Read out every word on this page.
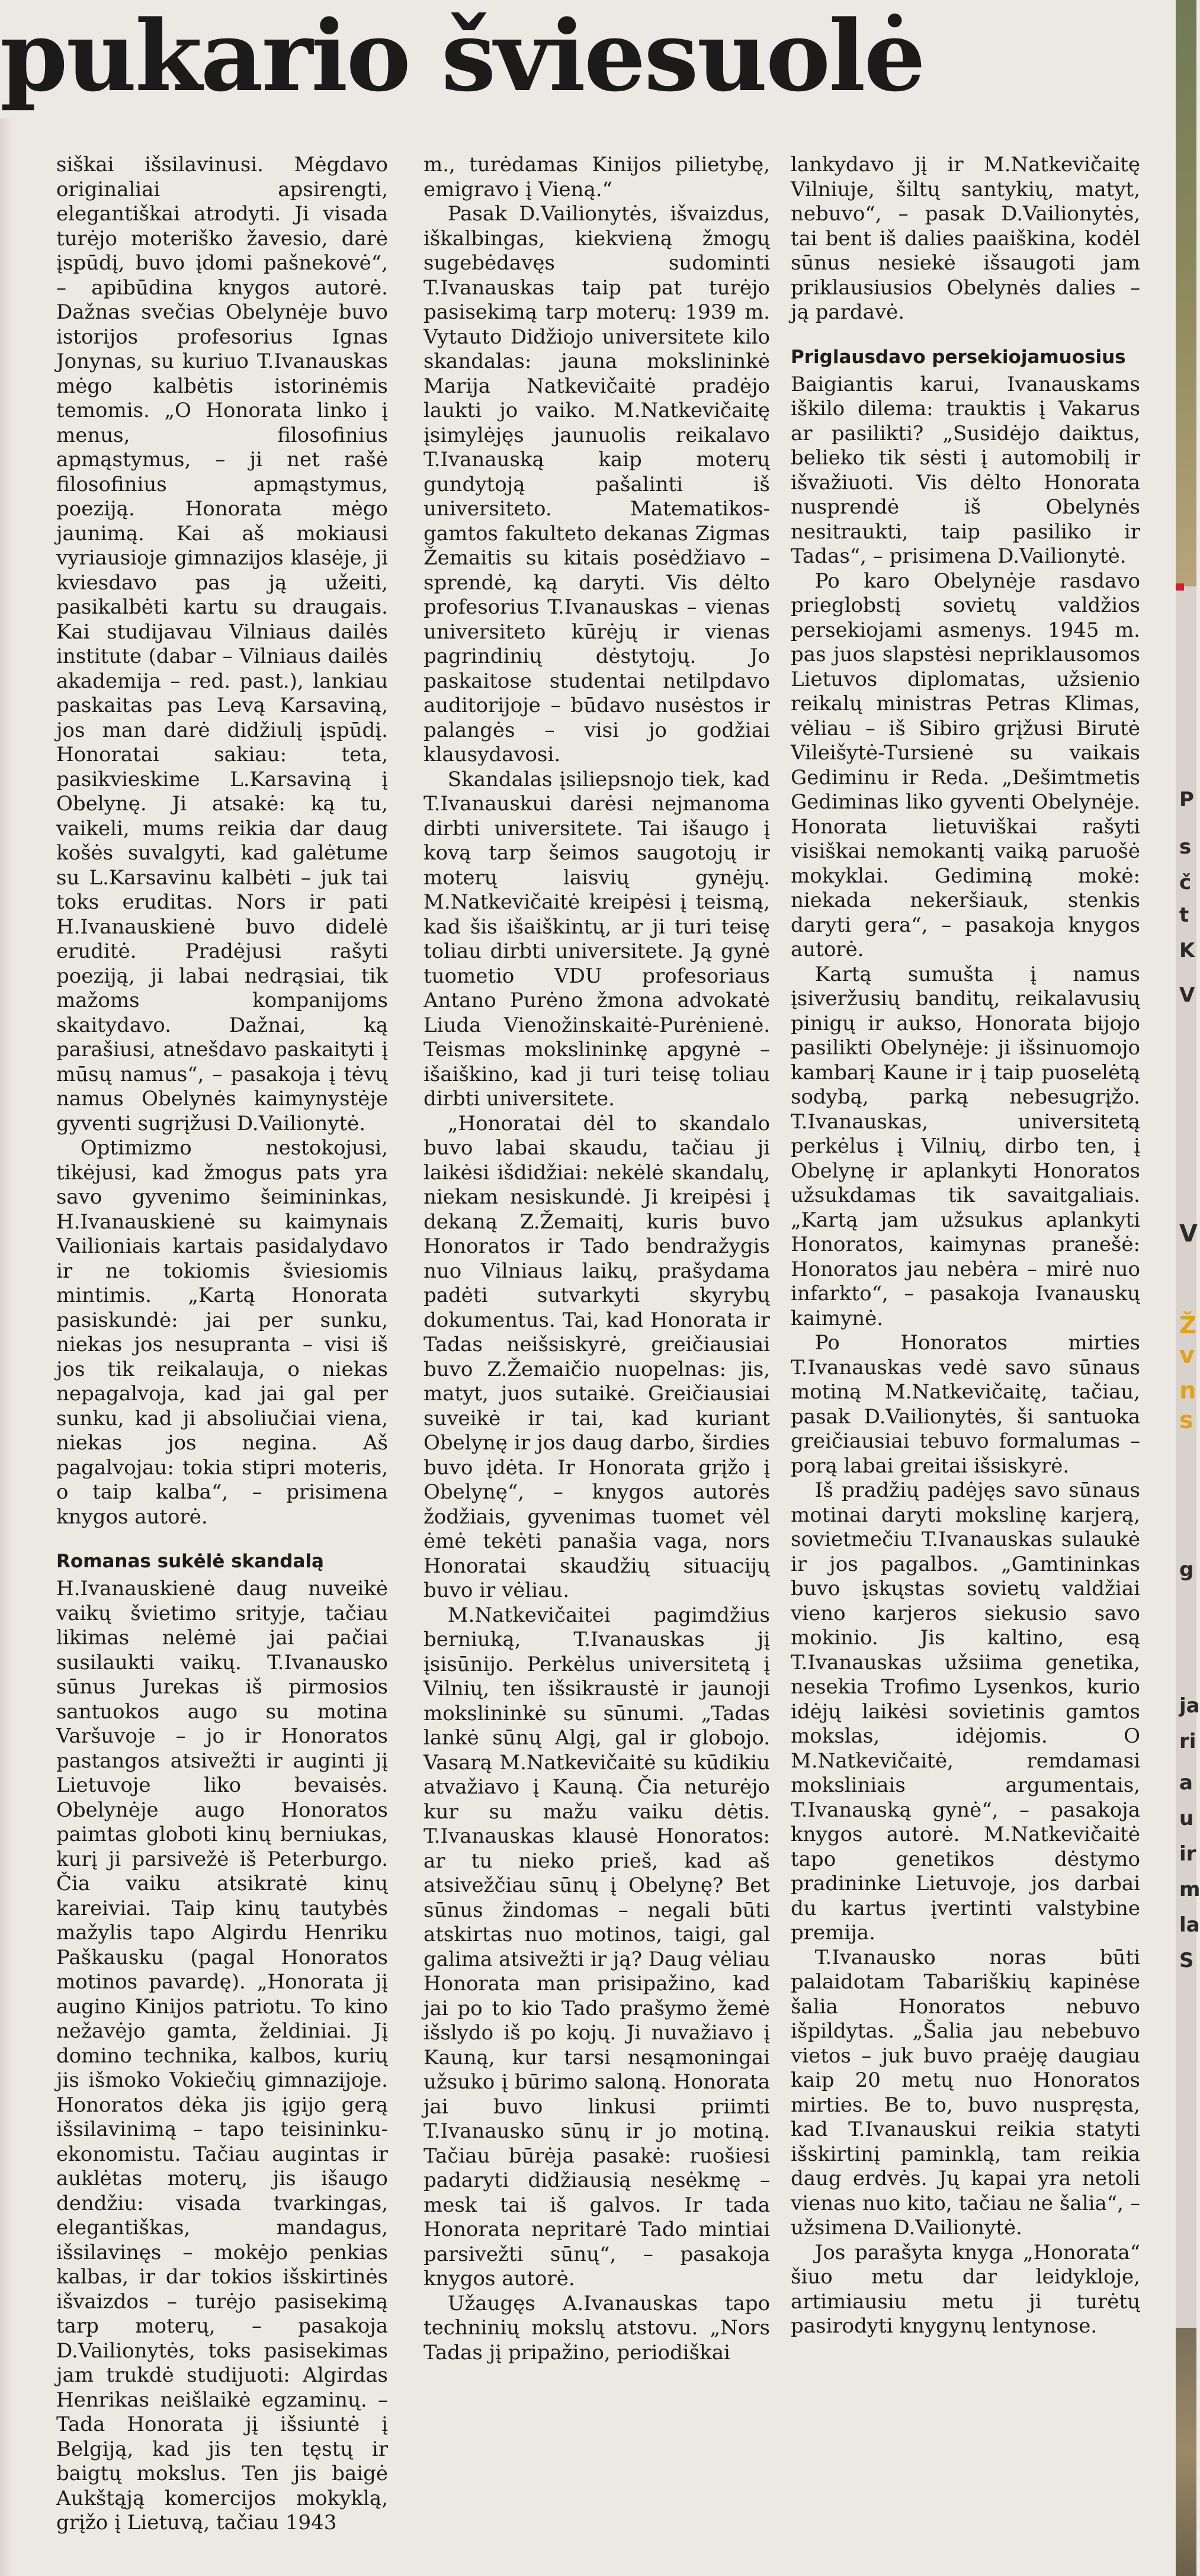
pukario šviesuolė

siškai išsilavinusi. Mėgdavo originaliai apsirengti, elegantiškai atrodyti. Ji visada turėjo moteriško žavesio, darė įspūdį, buvo įdomi pašnekovė“, – apibūdina knygos autorė. Dažnas svečias Obelynėje buvo istorijos profesorius Ignas Jonynas, su kuriuo T.Ivanauskas mėgo kalbėtis istorinėmis temomis. „O Honorata linko į menus, filosofinius apmąstymus, – ji net rašė filosofinius apmąstymus, poeziją. Honorata mėgo jaunimą. Kai aš mokiausi vyriausioje gimnazijos klasėje, ji kviesdavo pas ją užeiti, pasikalbėti kartu su draugais. Kai studijavau Vilniaus dailės institute (dabar – Vilniaus dailės akademija – red. past.), lankiau paskaitas pas Levą Karsaviną, jos man darė didžiulį įspūdį. Honoratai sakiau: teta, pasikvieskime L.Karsaviną į Obelynę. Ji atsakė: ką tu, vaikeli, mums reikia dar daug košės suvalgyti, kad galėtume su L.Karsavinu kalbėti – juk tai toks eruditas. Nors ir pati H.Ivanauskienė buvo didelė eruditė. Pradėjusi rašyti poeziją, ji labai nedrąsiai, tik mažoms kompanijoms skaitydavo. Dažnai, ką parašiusi, atnešdavo paskaityti į mūsų namus“, – pasakoja į tėvų namus Obelynės kaimynystėje gyventi sugrįžusi D.Vailionytė.

Optimizmo nestokojusi, tikėjusi, kad žmogus pats yra savo gyvenimo šeimininkas, H.Ivanauskienė su kaimynais Vailioniais kartais pasidalydavo ir ne tokiomis šviesiomis mintimis. „Kartą Honorata pasiskundė: jai per sunku, niekas jos nesupranta – visi iš jos tik reikalauja, o niekas nepagalvoja, kad jai gal per sunku, kad ji absoliučiai viena, niekas jos negina. Aš pagalvojau: tokia stipri moteris, o taip kalba“, – prisimena knygos autorė.

Romanas sukėlė skandalą

H.Ivanauskienė daug nuveikė vaikų švietimo srityje, tačiau likimas nelėmė jai pačiai susilaukti vaikų. T.Ivanausko sūnus Jurekas iš pirmosios santuokos augo su motina Varšuvoje – jo ir Honoratos pastangos atsivežti ir auginti jį Lietuvoje liko bevaisės. Obelynėje augo Honoratos paimtas globoti kinų berniukas, kurį ji parsivežė iš Peterburgo. Čia vaiku atsikratė kinų kareiviai. Taip kinų tautybės mažylis tapo Algirdu Henriku Paškausku (pagal Honoratos motinos pavardę). „Honorata jį augino Kinijos patriotu. To kino nežavėjo gamta, želdiniai. Jį domino technika, kalbos, kurių jis išmoko Vokiečių gimnazijoje. Honoratos dėka jis įgijo gerą išsilavinimą – tapo teisininku-ekonomistu. Tačiau augintas ir auklėtas moterų, jis išaugo dendžiu: visada tvarkingas, elegantiškas, mandagus, išsilavinęs – mokėjo penkias kalbas, ir dar tokios išskirtinės išvaizdos – turėjo pasisekimą tarp moterų, – pasakoja D.Vailionytės, toks pasisekimas jam trukdė studijuoti: Algirdas Henrikas neišlaikė egzaminų. – Tada Honorata jį išsiuntė į Belgiją, kad jis ten tęstų ir baigtų mokslus. Ten jis baigė Aukštąją komercijos mokyklą, grįžo į Lietuvą, tačiau 1943

m., turėdamas Kinijos pilietybę, emigravo į Vieną.“

Pasak D.Vailionytės, išvaizdus, iškalbingas, kiekvieną žmogų sugebėdavęs sudominti T.Ivanauskas taip pat turėjo pasisekimą tarp moterų: 1939 m. Vytauto Didžiojo universitete kilo skandalas: jauna mokslininkė Marija Natkevičaitė pradėjo laukti jo vaiko. M.Natkevičaitę įsimylėjęs jaunuolis reikalavo T.Ivanauską kaip moterų gundytoją pašalinti iš universiteto. Matematikos-gamtos fakulteto dekanas Zigmas Žemaitis su kitais posėdžiavo – sprendė, ką daryti. Vis dėlto profesorius T.Ivanauskas – vienas universiteto kūrėjų ir vienas pagrindinių dėstytojų. Jo paskaitose studentai netilpdavo auditorijoje – būdavo nusėstos ir palangės – visi jo godžiai klausydavosi.

Skandalas įsiliepsnojo tiek, kad T.Ivanauskui darėsi nejmanoma dirbti universitete. Tai išaugo į kovą tarp šeimos saugotojų ir moterų laisvių gynėjų. M.Natkevičaitė kreipėsi į teismą, kad šis išaiškintų, ar ji turi teisę toliau dirbti universitete. Ją gynė tuometio VDU profesoriaus Antano Purėno žmona advokatė Liuda Vienožinskaitė-Purėnienė. Teismas mokslininkę apgynė – išaiškino, kad ji turi teisę toliau dirbti universitete.

„Honoratai dėl to skandalo buvo labai skaudu, tačiau ji laikėsi išdidžiai: nekėlė skandalų, niekam nesiskundė. Ji kreipėsi į dekaną Z.Žemaitį, kuris buvo Honoratos ir Tado bendražygis nuo Vilniaus laikų, prašydama padėti sutvarkyti skyrybų dokumentus. Tai, kad Honorata ir Tadas neišsiskyrė, greičiausiai buvo Z.Žemaičio nuopelnas: jis, matyt, juos sutaikė. Greičiausiai suveikė ir tai, kad kuriant Obelynę ir jos daug darbo, širdies buvo įdėta. Ir Honorata grįžo į Obelynę“, – knygos autorės žodžiais, gyvenimas tuomet vėl ėmė tekėti panašia vaga, nors Honoratai skaudžių situacijų buvo ir vėliau.

M.Natkevičaitei pagimdžius berniuką, T.Ivanauskas jį įsisūnijo. Perkėlus universitetą į Vilnių, ten išsikraustė ir jaunoji mokslininkė su sūnumi. „Tadas lankė sūnų Algį, gal ir globojo. Vasarą M.Natkevičaitė su kūdikiu atvažiavo į Kauną. Čia neturėjo kur su mažu vaiku dėtis. T.Ivanauskas klausė Honoratos: ar tu nieko prieš, kad aš atsivežčiau sūnų į Obelynę? Bet sūnus žindomas – negali būti atskirtas nuo motinos, taigi, gal galima atsivežti ir ją? Daug vėliau Honorata man prisipažino, kad jai po to kio Tado prašymo žemė išslydo iš po kojų. Ji nuvažiavo į Kauną, kur tarsi nesąmoningai užsuko į būrimo saloną. Honorata jai buvo linkusi priimti T.Ivanausko sūnų ir jo motiną. Tačiau būrėja pasakė: ruošiesi padaryti didžiausią nesėkmę – mesk tai iš galvos. Ir tada Honorata nepritarė Tado mintiai parsivežti sūnų“, – pasakoja knygos autorė.

Užaugęs A.Ivanauskas tapo techninių mokslų atstovu. „Nors Tadas jį pripažino, periodiškai

lankydavo jį ir M.Natkevičaitę Vilniuje, šiltų santykių, matyt, nebuvo“, – pasak D.Vailionytės, tai bent iš dalies paaiškina, kodėl sūnus nesiekė išsaugoti jam priklausiusios Obelynės dalies – ją pardavė.

Priglausdavo persekiojamuosius

Baigiantis karui, Ivanauskams iškilo dilema: trauktis į Vakarus ar pasilikti? „Susidėjo daiktus, belieko tik sėsti į automobilį ir išvažiuoti. Vis dėlto Honorata nusprendė iš Obelynės nesitraukti, taip pasiliko ir Tadas“, – prisimena D.Vailionytė.

Po karo Obelynėje rasdavo prieglobstį sovietų valdžios persekiojami asmenys. 1945 m. pas juos slapstėsi nepriklausomos Lietuvos diplomatas, užsienio reikalų ministras Petras Klimas, vėliau – iš Sibiro grįžusi Birutė Vileišytė-Tursienė su vaikais Gediminu ir Reda. „Dešimtmetis Gediminas liko gyventi Obelynėje. Honorata lietuviškai rašyti visiškai nemokantį vaiką paruošė mokyklai. Gediminą mokė: niekada nekeršiauk, stenkis daryti gera“, – pasakoja knygos autorė.

Kartą sumušta į namus įsiveržusių banditų, reikalavusių pinigų ir aukso, Honorata bijojo pasilikti Obelynėje: ji išsinuomojo kambarį Kaune ir į taip puoselėtą sodybą, parką nebesugrįžo. T.Ivanauskas, universitetą perkėlus į Vilnių, dirbo ten, į Obelynę ir aplankyti Honoratos užsukdamas tik savaitgaliais. „Kartą jam užsukus aplankyti Honoratos, kaimynas pranešė: Honoratos jau nebėra – mirė nuo infarkto“, – pasakoja Ivanauskų kaimynė.

Po Honoratos mirties T.Ivanauskas vedė savo sūnaus motiną M.Natkevičaitę, tačiau, pasak D.Vailionytės, ši santuoka greičiausiai tebuvo formalumas – porą labai greitai išsiskyrė.

Iš pradžių padėjęs savo sūnaus motinai daryti mokslinę karjerą, sovietmečiu T.Ivanauskas sulaukė ir jos pagalbos. „Gamtininkas buvo įskųstas sovietų valdžiai vieno karjeros siekusio savo mokinio. Jis kaltino, esą T.Ivanauskas užsiima genetika, nesekia Trofimo Lysenkos, kurio idėjų laikėsi sovietinis gamtos mokslas, idėjomis. O M.Natkevičaitė, remdamasi moksliniais argumentais, T.Ivanauską gynė“, – pasakoja knygos autorė. M.Natkevičaitė tapo genetikos dėstymo pradininke Lietuvoje, jos darbai du kartus įvertinti valstybine premija.

T.Ivanausko noras būti palaidotam Tabariškių kapinėse šalia Honoratos nebuvo išpildytas. „Šalia jau nebebuvo vietos – juk buvo praėję daugiau kaip 20 metų nuo Honoratos mirties. Be to, buvo nuspręsta, kad T.Ivanauskui reikia statyti išskirtinį paminklą, tam reikia daug erdvės. Jų kapai yra netoli vienas nuo kito, tačiau ne šalia“, – užsimena D.Vailionytė.

Jos parašyta knyga „Honorata“ šiuo metu dar leidykloje, artimiausiu metu ji turėtų pasirodyti knygynų lentynose.

P
s
č
t
K
V
V
Ž
v
n
s
g
ja
ri
a
u
ir
m
la
S
